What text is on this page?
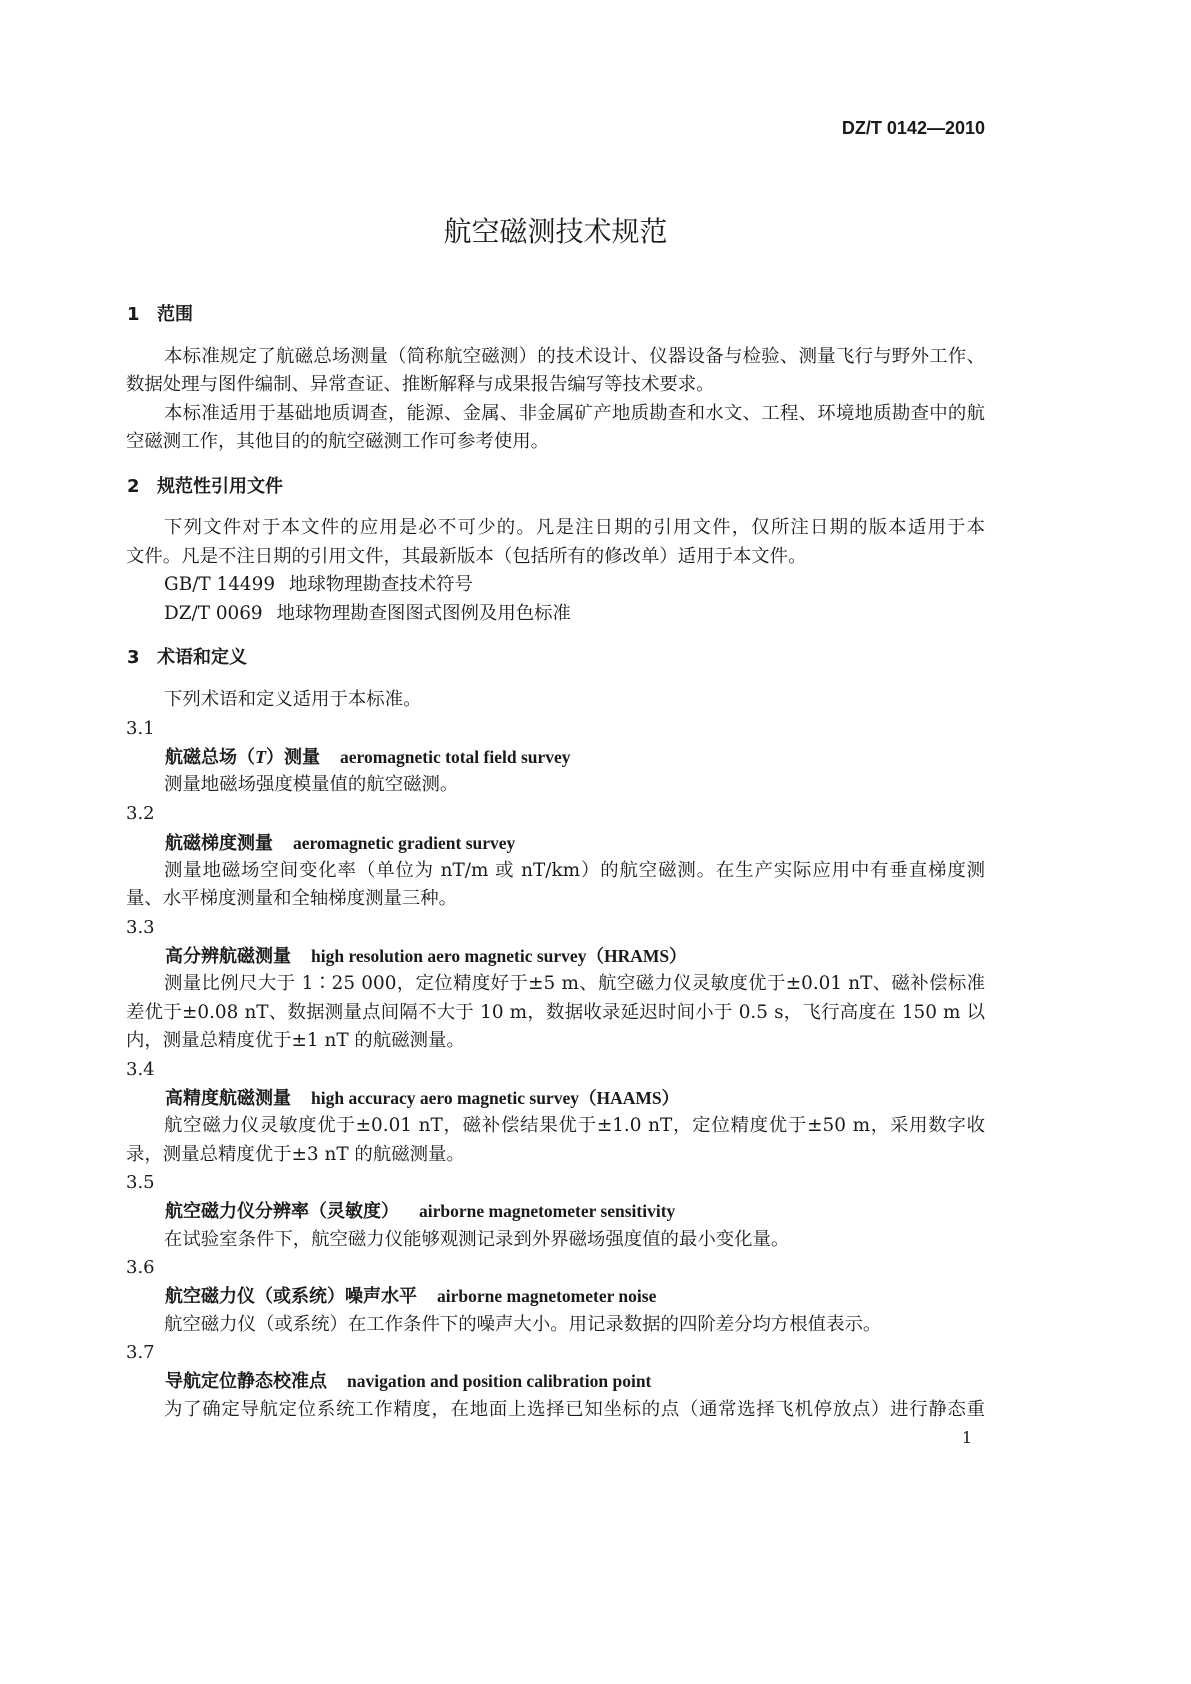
DZ/T 0142—2010
航空磁测技术规范
1 范围
本标准规定了航磁总场测量（简称航空磁测）的技术设计、仪器设备与检验、测量飞行与野外工作、
数据处理与图件编制、异常查证、推断解释与成果报告编写等技术要求。
本标准适用于基础地质调查，能源、金属、非金属矿产地质勘查和水文、工程、环境地质勘查中的航
空磁测工作，其他目的的航空磁测工作可参考使用。
2 规范性引用文件
下列文件对于本文件的应用是必不可少的。凡是注日期的引用文件，仅所注日期的版本适用于本
文件。凡是不注日期的引用文件，其最新版本（包括所有的修改单）适用于本文件。
GB/T 14499 地球物理勘查技术符号
DZ/T 0069 地球物理勘查图图式图例及用色标准
3 术语和定义
下列术语和定义适用于本标准。
3.1
航磁总场（T）测量 aeromagnetic total field survey
测量地磁场强度模量值的航空磁测。
3.2
航磁梯度测量 aeromagnetic gradient survey
测量地磁场空间变化率（单位为 nT/m 或 nT/km）的航空磁测。在生产实际应用中有垂直梯度测
量、水平梯度测量和全轴梯度测量三种。
3.3
高分辨航磁测量 high resolution aero magnetic survey（HRAMS）
测量比例尺大于 1∶25 000，定位精度好于±5 m、航空磁力仪灵敏度优于±0.01 nT、磁补偿标准
差优于±0.08 nT、数据测量点间隔不大于 10 m，数据收录延迟时间小于 0.5 s，飞行高度在 150 m 以
内，测量总精度优于±1 nT 的航磁测量。
3.4
高精度航磁测量 high accuracy aero magnetic survey（HAAMS）
航空磁力仪灵敏度优于±0.01 nT，磁补偿结果优于±1.0 nT，定位精度优于±50 m，采用数字收
录，测量总精度优于±3 nT 的航磁测量。
3.5
航空磁力仪分辨率（灵敏度） airborne magnetometer sensitivity
在试验室条件下，航空磁力仪能够观测记录到外界磁场强度值的最小变化量。
3.6
航空磁力仪（或系统）噪声水平 airborne magnetometer noise
航空磁力仪（或系统）在工作条件下的噪声大小。用记录数据的四阶差分均方根值表示。
3.7
导航定位静态校准点 navigation and position calibration point
为了确定导航定位系统工作精度，在地面上选择已知坐标的点（通常选择飞机停放点）进行静态重
1
